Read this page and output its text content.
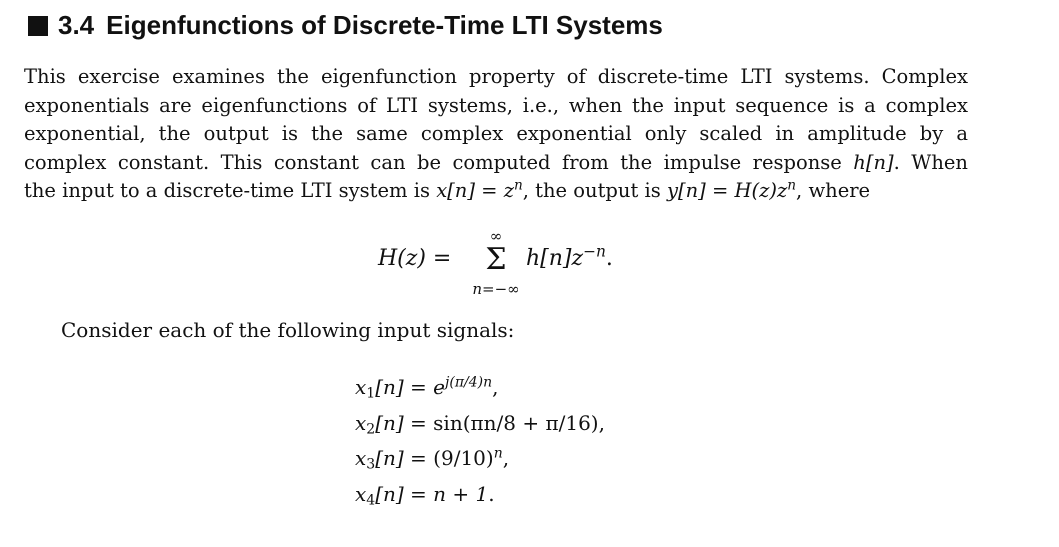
3.4 Eigenfunctions of Discrete-Time LTI Systems
This exercise examines the eigenfunction property of discrete-time LTI systems. Complex
exponentials are eigenfunctions of LTI systems, i.e., when the input sequence is a complex
exponential, the output is the same complex exponential only scaled in amplitude by a
complex constant. This constant can be computed from the impulse response h[n]. When
the input to a discrete-time LTI system is $x[n] = z^n$, the output is $y[n] = H(z)z^n$, where
H(z) =
∞
Σ
n=−∞
$h[n]z^{-n}$.
Consider each of the following input signals:
$x_1[n] = e^{j(\pi/4)n}$,
$x_2[n] = \sin(\pi n/8 + \pi/16)$,
$x_3[n] = (9/10)^n$,
$x_4[n] = n + 1$.
